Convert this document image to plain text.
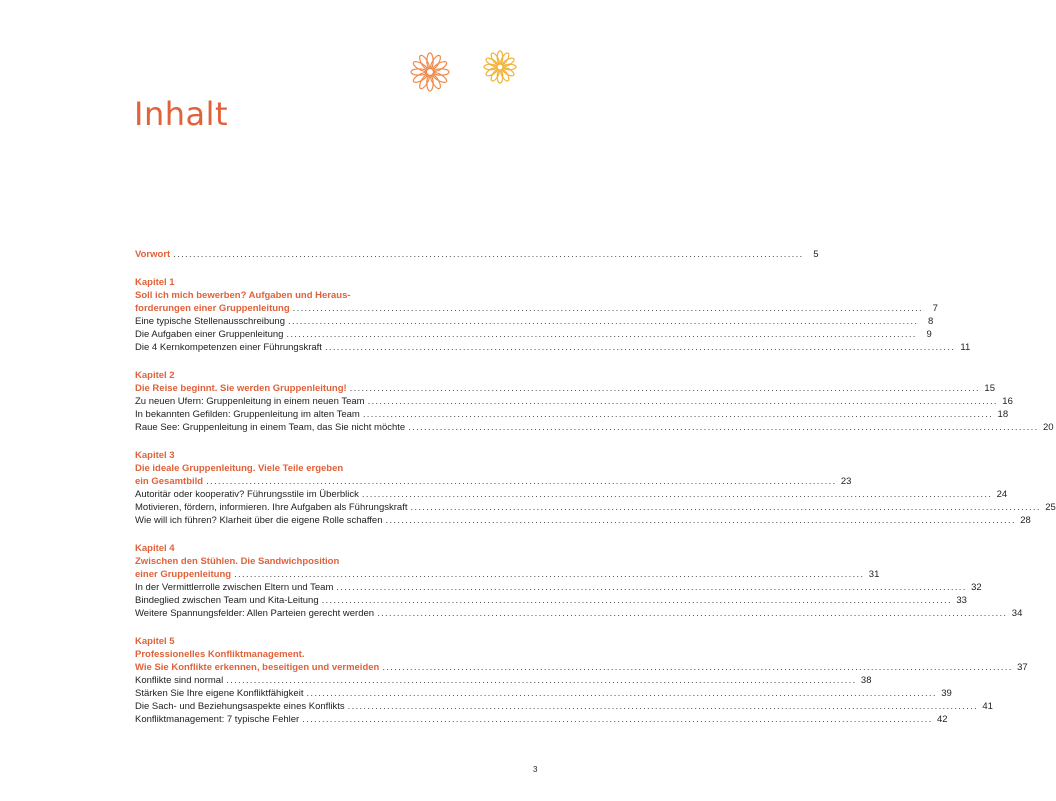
Inhalt
Vorwort ................................................................................................................................................................	5
Kapitel 1
Soll ich mich bewerben? Aufgaben und Heraus-
forderungen einer Gruppenleitung ................................................................................................................................................................	7
Eine typische Stellenausschreibung ................................................................................................................................................................	8
Die Aufgaben einer Gruppenleitung ................................................................................................................................................................	9
Die 4 Kernkompetenzen einer Führungskraft ................................................................................................................................................................ 11
Kapitel 2
Die Reise beginnt. Sie werden Gruppenleitung! ................................................................................................................................................................ 15
Zu neuen Ufern: Gruppenleitung in einem neuen Team ................................................................................................................................................................ 16
In bekannten Gefilden: Gruppenleitung im alten Team ................................................................................................................................................................ 18
Raue See: Gruppenleitung in einem Team, das Sie nicht möchte ................................................................................................................................................................ 20
Kapitel 3
Die ideale Gruppenleitung. Viele Teile ergeben
ein Gesamtbild ................................................................................................................................................................ 23
Autoritär oder kooperativ? Führungsstile im Überblick ................................................................................................................................................................ 24
Motivieren, fördern, informieren. Ihre Aufgaben als Führungskraft ................................................................................................................................................................ 25
Wie will ich führen? Klarheit über die eigene Rolle schaffen ................................................................................................................................................................ 28
Kapitel 4
Zwischen den Stühlen. Die Sandwichposition
einer Gruppenleitung ................................................................................................................................................................ 31
In der Vermittlerrolle zwischen Eltern und Team ................................................................................................................................................................ 32
Bindeglied zwischen Team und Kita-Leitung ................................................................................................................................................................ 33
Weitere Spannungsfelder: Allen Parteien gerecht werden ................................................................................................................................................................ 34
Kapitel 5
Professionelles Konfliktmanagement.
Wie Sie Konflikte erkennen, beseitigen und vermeiden ................................................................................................................................................................ 37
Konflikte sind normal ................................................................................................................................................................ 38
Stärken Sie Ihre eigene Konfliktfähigkeit ................................................................................................................................................................ 39
Die Sach- und Beziehungsaspekte eines Konflikts ................................................................................................................................................................ 41
Konfliktmanagement: 7 typische Fehler ................................................................................................................................................................ 42
3
